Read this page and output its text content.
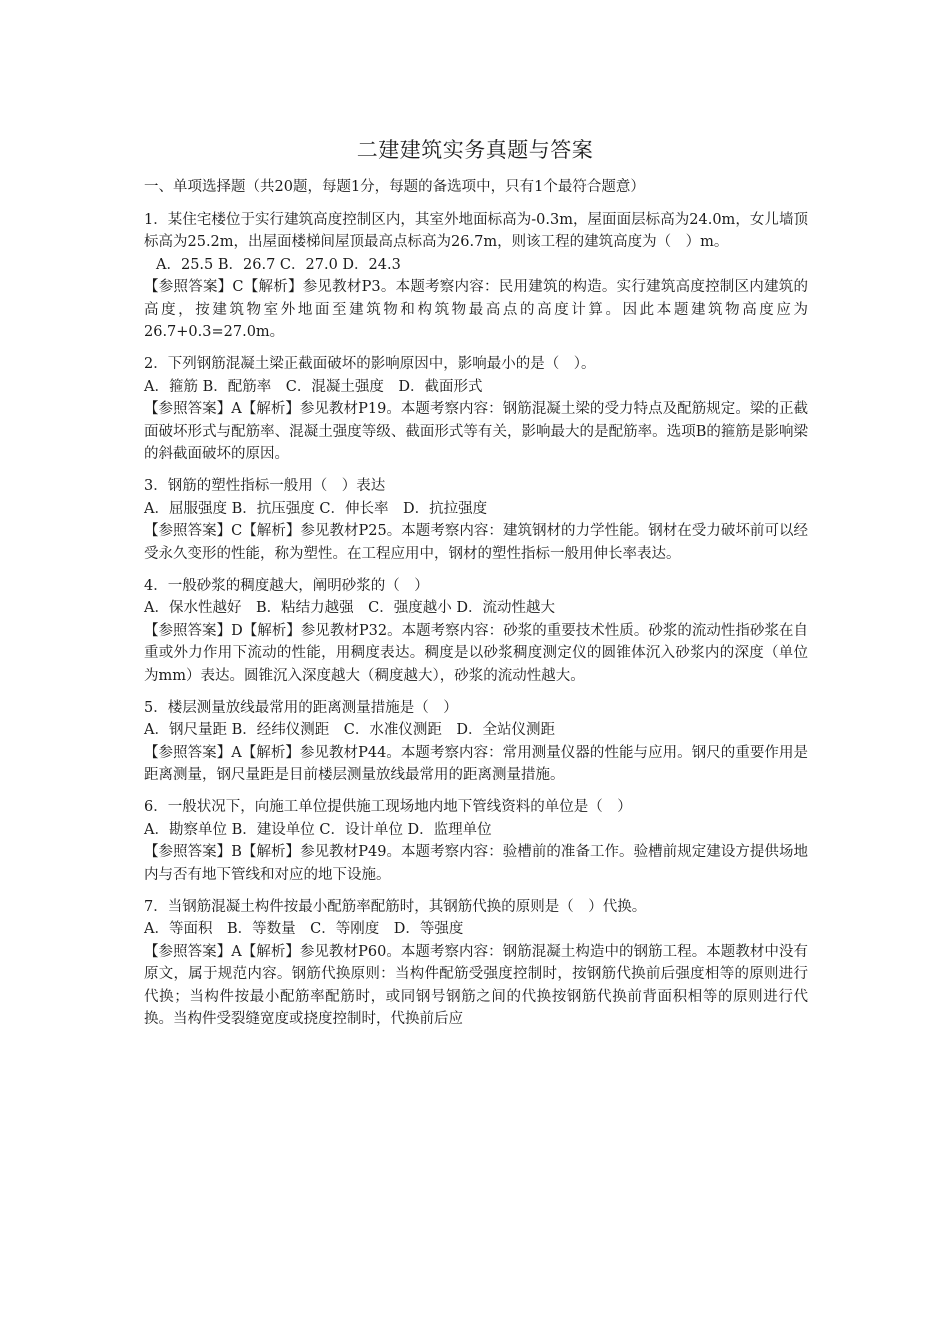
二建建筑实务真题与答案

一、单项选择题（共20题，每题1分，每题的备选项中，只有1个最符合题意）

1．某住宅楼位于实行建筑高度控制区内，其室外地面标高为-0.3m，屋面面层标高为24.0m，女儿墙顶标高为25.2m，出屋面楼梯间屋顶最高点标高为26.7m，则该工程的建筑高度为（　）m。

A．25.5 B．26.7 C．27.0 D．24.3

【参照答案】C【解析】参见教材P3。本题考察内容：民用建筑的构造。实行建筑高度控制区内建筑的高度，按建筑物室外地面至建筑物和构筑物最高点的高度计算。因此本题建筑物高度应为26.7+0.3=27.0m。

2．下列钢筋混凝土梁正截面破坏的影响原因中，影响最小的是（　）。

A．箍筋 B．配筋率　C．混凝土强度　D．截面形式

【参照答案】A【解析】参见教材P19。本题考察内容：钢筋混凝土梁的受力特点及配筋规定。梁的正截面破坏形式与配筋率、混凝土强度等级、截面形式等有关，影响最大的是配筋率。选项B的箍筋是影响梁的斜截面破坏的原因。

3．钢筋的塑性指标一般用（　）表达

A．屈服强度 B．抗压强度 C．伸长率　D．抗拉强度

【参照答案】C【解析】参见教材P25。本题考察内容：建筑钢材的力学性能。钢材在受力破坏前可以经受永久变形的性能，称为塑性。在工程应用中，钢材的塑性指标一般用伸长率表达。

4．一般砂浆的稠度越大，阐明砂浆的（　）

A．保水性越好　B．粘结力越强　C．强度越小 D．流动性越大

【参照答案】D【解析】参见教材P32。本题考察内容：砂浆的重要技术性质。砂浆的流动性指砂浆在自重或外力作用下流动的性能，用稠度表达。稠度是以砂浆稠度测定仪的圆锥体沉入砂浆内的深度（单位为mm）表达。圆锥沉入深度越大（稠度越大），砂浆的流动性越大。

5．楼层测量放线最常用的距离测量措施是（　）

A．钢尺量距 B．经纬仪测距　C．水准仪测距　D．全站仪测距

【参照答案】A【解析】参见教材P44。本题考察内容：常用测量仪器的性能与应用。钢尺的重要作用是距离测量，钢尺量距是目前楼层测量放线最常用的距离测量措施。

6．一般状况下，向施工单位提供施工现场地内地下管线资料的单位是（　）

A．勘察单位 B．建设单位 C．设计单位 D．监理单位

【参照答案】B【解析】参见教材P49。本题考察内容：验槽前的准备工作。验槽前规定建设方提供场地内与否有地下管线和对应的地下设施。

7．当钢筋混凝土构件按最小配筋率配筋时，其钢筋代换的原则是（　）代换。

A．等面积　B．等数量　C．等刚度　D．等强度

【参照答案】A【解析】参见教材P60。本题考察内容：钢筋混凝土构造中的钢筋工程。本题教材中没有原文，属于规范内容。钢筋代换原则：当构件配筋受强度控制时，按钢筋代换前后强度相等的原则进行代换；当构件按最小配筋率配筋时，或同钢号钢筋之间的代换按钢筋代换前背面积相等的原则进行代换。当构件受裂缝宽度或挠度控制时，代换前后应
